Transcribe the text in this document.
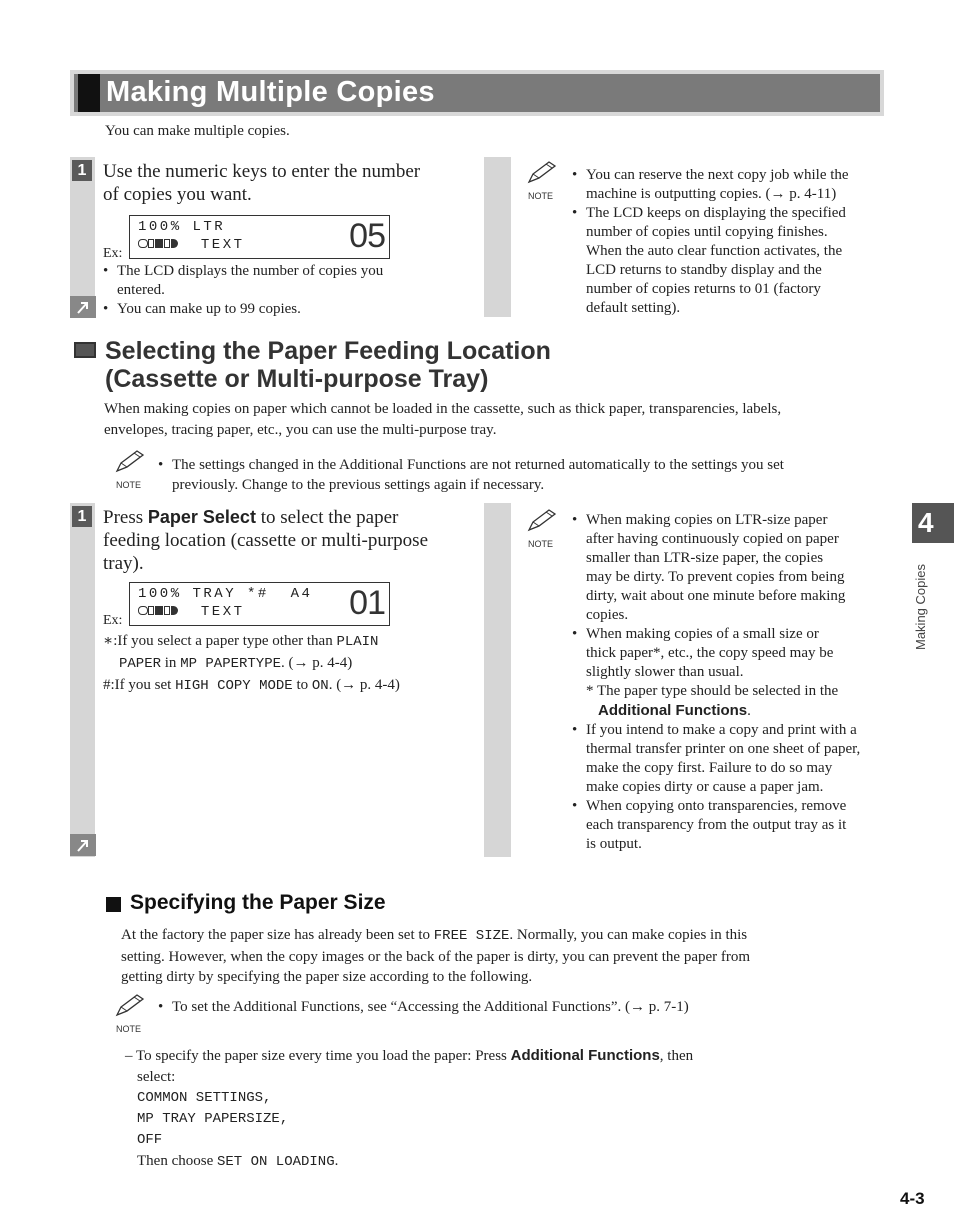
Making Multiple Copies
You can make multiple copies.
1 Use the numeric keys to enter the number
of copies you want.
Ex:
100% LTR
TEXT	05
• The LCD displays the number of copies you
entered.
• You can make up to 99 copies.
NOTE
• You can reserve the next copy job while the
machine is outputting copies. (→ p. 4-11)
• The LCD keeps on displaying the specified
number of copies until copying finishes.
When the auto clear function activates, the
LCD returns to standby display and the
number of copies returns to 01 (factory
default setting).
Selecting the Paper Feeding Location
(Cassette or Multi-purpose Tray)
When making copies on paper which cannot be loaded in the cassette, such as thick paper, transparencies, labels,
envelopes, tracing paper, etc., you can use the multi-purpose tray.
NOTE
• The settings changed in the Additional Functions are not returned automatically to the settings you set
previously. Change to the previous settings again if necessary.
1 Press Paper Select to select the paper
feeding location (cassette or multi-purpose
tray).
Ex:
100% TRAY *#  A4
TEXT	01
∗:If you select a paper type other than PLAIN
PAPER in MP PAPERTYPE. (→ p. 4-4)
#:If you set HIGH COPY MODE to ON. (→ p. 4-4)
NOTE
• When making copies on LTR-size paper
after having continuously copied on paper
smaller than LTR-size paper, the copies
may be dirty. To prevent copies from being
dirty, wait about one minute before making
copies.
• When making copies of a small size or
thick paper*, etc., the copy speed may be
slightly slower than usual.
* The paper type should be selected in the
Additional Functions.
• If you intend to make a copy and print with a
thermal transfer printer on one sheet of paper,
make the copy first. Failure to do so may
make copies dirty or cause a paper jam.
• When copying onto transparencies, remove
each transparency from the output tray as it
is output.
Specifying the Paper Size
At the factory the paper size has already been set to FREE SIZE. Normally, you can make copies in this
setting. However, when the copy images or the back of the paper is dirty, you can prevent the paper from
getting dirty by specifying the paper size according to the following.
NOTE
• To set the Additional Functions, see “Accessing the Additional Functions”. (→ p. 7-1)
– To specify the paper size every time you load the paper: Press Additional Functions, then
select:
COMMON SETTINGS,
MP TRAY PAPERSIZE,
OFF
Then choose SET ON LOADING.
4
Making Copies
4-3
